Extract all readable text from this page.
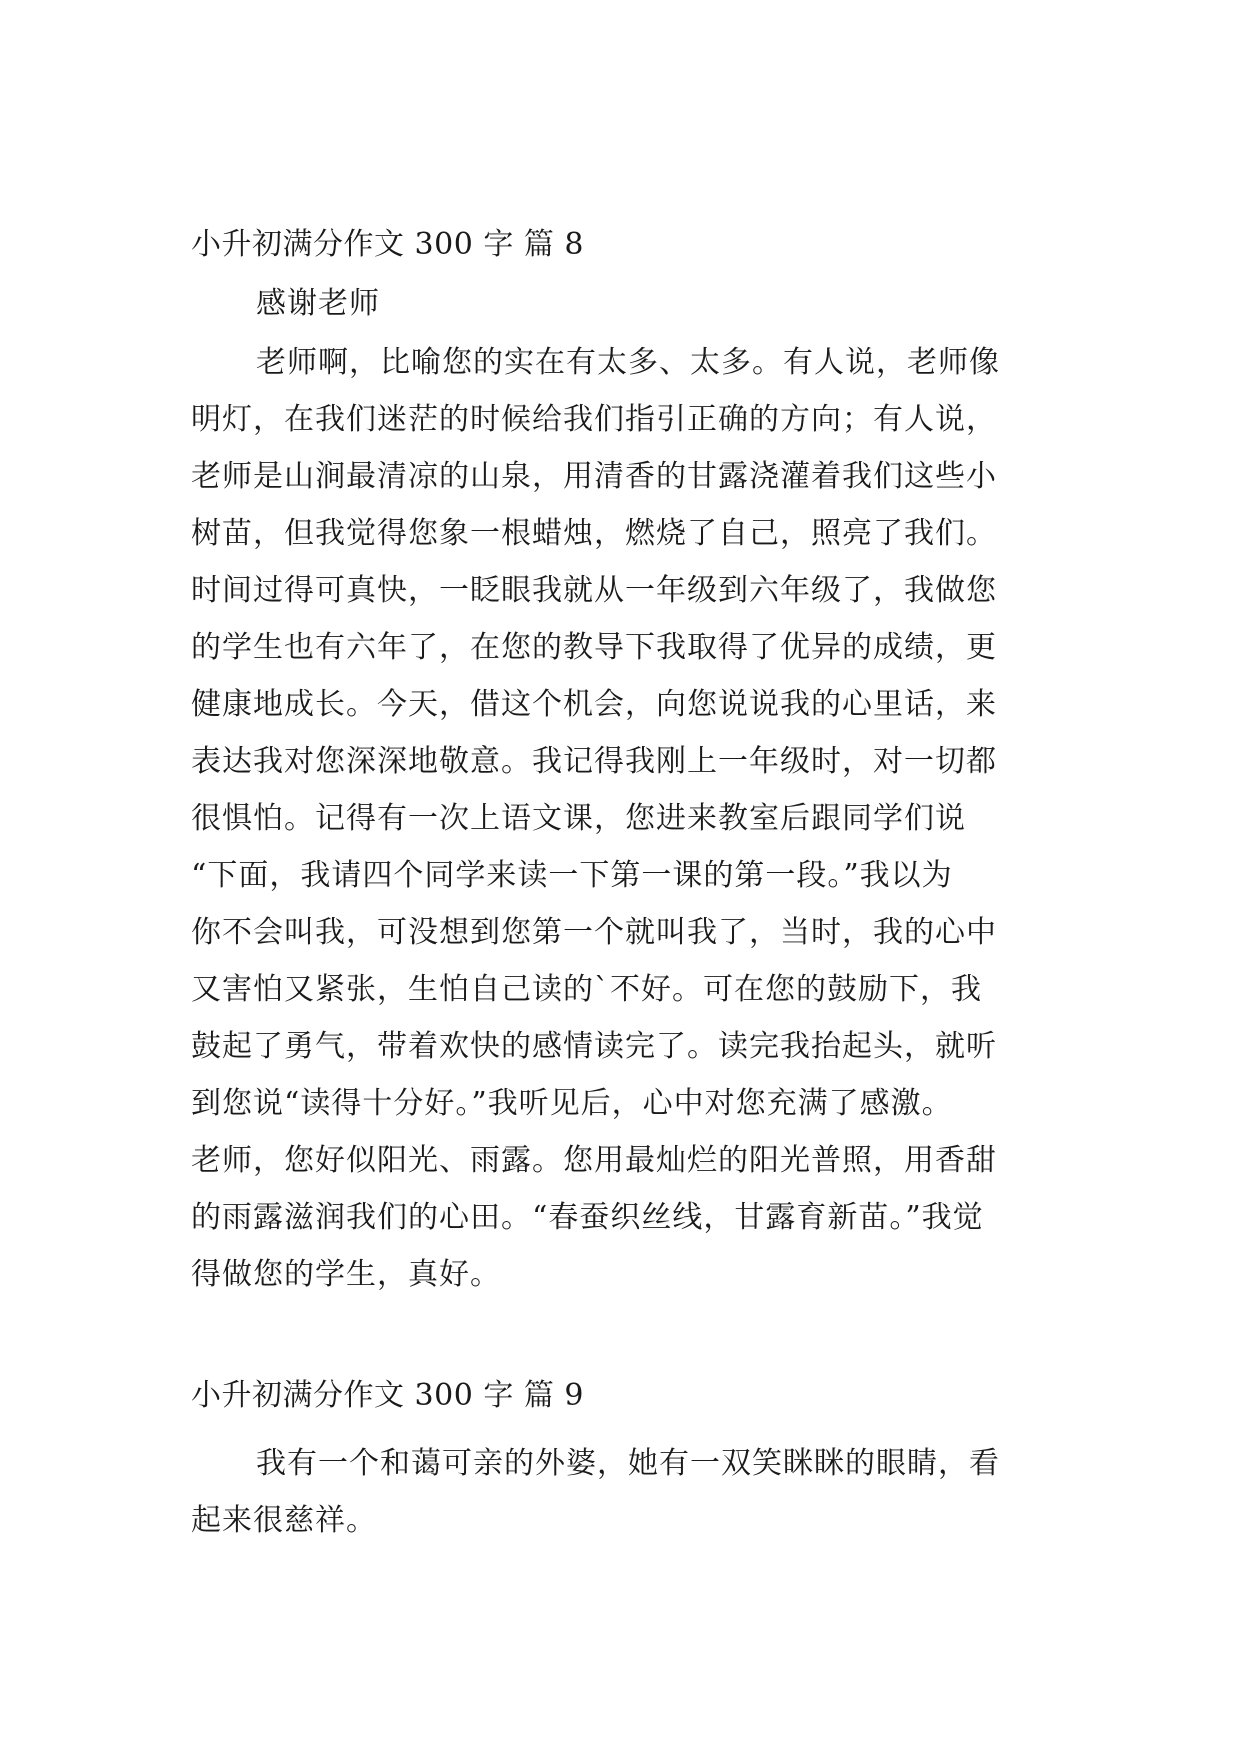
小升初满分作文 300 字 篇 8
感谢老师
老师啊，比喻您的实在有太多、太多。有人说，老师像
明灯，在我们迷茫的时候给我们指引正确的方向；有人说，
老师是山涧最清凉的山泉，用清香的甘露浇灌着我们这些小
树苗，但我觉得您象一根蜡烛，燃烧了自己，照亮了我们。
时间过得可真快，一眨眼我就从一年级到六年级了，我做您
的学生也有六年了，在您的教导下我取得了优异的成绩，更
健康地成长。今天，借这个机会，向您说说我的心里话，来
表达我对您深深地敬意。我记得我刚上一年级时，对一切都
很惧怕。记得有一次上语文课，您进来教室后跟同学们说
“下面，我请四个同学来读一下第一课的第一段。”我以为
你不会叫我，可没想到您第一个就叫我了，当时，我的心中
又害怕又紧张，生怕自己读的`不好。可在您的鼓励下，我
鼓起了勇气，带着欢快的感情读完了。读完我抬起头，就听
到您说“读得十分好。”我听见后，心中对您充满了感激。
老师，您好似阳光、雨露。您用最灿烂的阳光普照，用香甜
的雨露滋润我们的心田。“春蚕织丝线，甘露育新苗。”我觉
得做您的学生，真好。
小升初满分作文 300 字 篇 9
我有一个和蔼可亲的外婆，她有一双笑眯眯的眼睛，看
起来很慈祥。
